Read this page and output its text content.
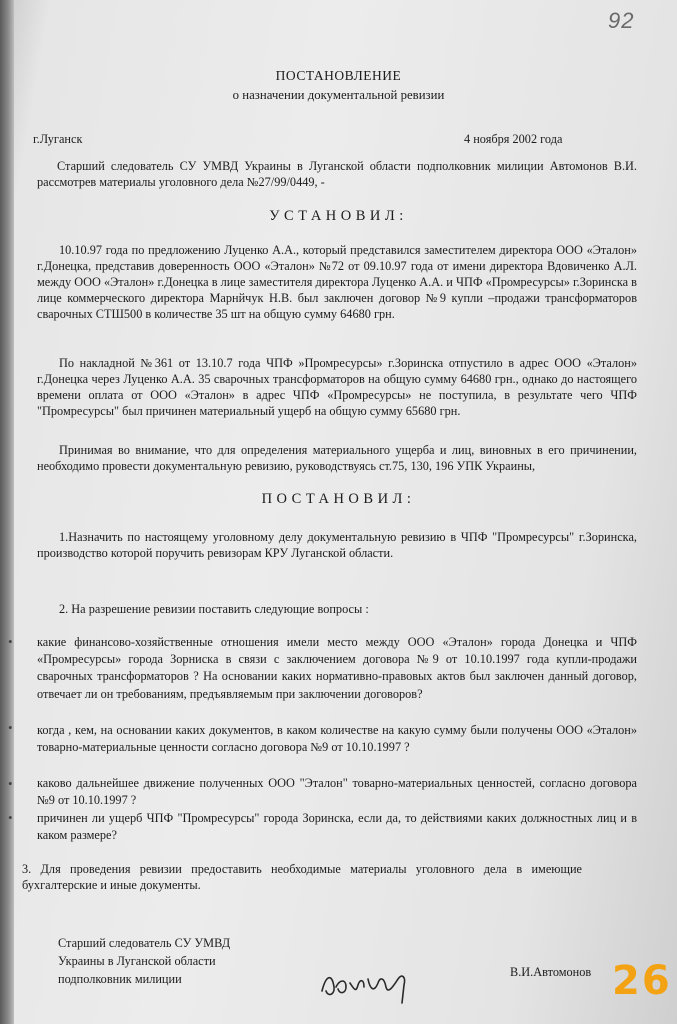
92
ПОСТАНОВЛЕНИЕ
о назначении документальной ревизии
г.Луганск	4 ноября 2002 года
Старший следователь СУ УМВД Украины в Луганской области подполковник милиции Автомонов В.И. рассмотрев материалы уголовного дела №27/99/0449, -
УСТАНОВИЛ:
10.10.97 года по предложению Луценко А.А., который представился заместителем директора ООО «Эталон» г.Донецка, представив доверенность ООО «Эталон» №72 от 09.10.97 года от имени директора Вдовиченко А.Л. между ООО «Эталон» г.Донецка в лице заместителя директора Луценко А.А. и ЧПФ «Промресурсы» г.Зоринска в лице коммерческого директора Марнйчук Н.В. был заключен договор №9 купли –продажи трансформаторов сварочных СТШ500 в количестве 35 шт на общую сумму 64680 грн.
По накладной №361 от 13.10.7 года ЧПФ »Промресурсы» г.Зоринска отпустило в адрес ООО «Эталон» г.Донецка через Луценко А.А. 35 сварочных трансформаторов на общую сумму 64680 грн., однако до настоящего времени оплата от ООО «Эталон» в адрес ЧПФ «Промресурсы» не поступила, в результате чего ЧПФ "Промресурсы" был причинен материальный ущерб на общую сумму 65680 грн.
Принимая во внимание, что для определения материального ущерба и лиц, виновных в его причинении, необходимо провести документальную ревизию, руководствуясь ст.75, 130, 196 УПК Украины,
ПОСТАНОВИЛ:
1.Назначить по настоящему уголовному делу документальную ревизию в ЧПФ "Промресурсы" г.Зоринска, производство которой поручить ревизорам КРУ Луганской области.
2. На разрешение ревизии поставить следующие вопросы :
• какие финансово-хозяйственные отношения имели место между ООО «Эталон» города Донецка и ЧПФ «Промресурсы» города Зорниска в связи с заключением договора №9 от 10.10.1997 года купли-продажи сварочных трансформаторов ? На основании каких нормативно-правовых актов был заключен данный договор, отвечает ли он требованиям, предъявляемым при заключении договоров?
• когда , кем, на основании каких документов, в каком количестве на какую сумму были получены ООО «Эталон» товарно-материальные ценности согласно договора №9 от 10.10.1997 ?
• каково дальнейшее движение полученных ООО "Эталон" товарно-материальных ценностей, согласно договора №9 от 10.10.1997 ?
• причинен ли ущерб ЧПФ "Промресурсы" города Зоринска, если да, то действиями каких должностных лиц и в каком размере?
3. Для проведения ревизии предоставить необходимые материалы уголовного дела в имеющие бухгалтерские и иные документы.
Старший следователь СУ УМВД
Украины в Луганской области
подполковник милиции	В.И.Автомонов 26
